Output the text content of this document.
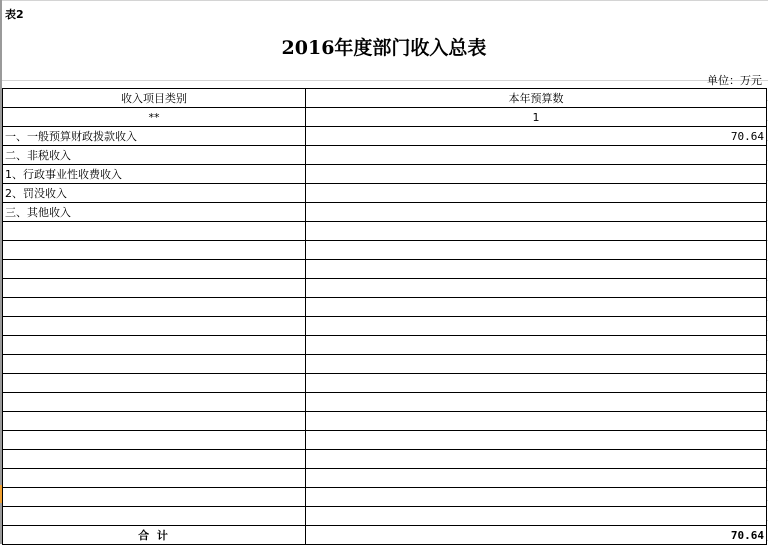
表2
2016年度部门收入总表
单位：万元
收入项目类别	本年预算数
**	1
一、一般预算财政拨款收入	70.64
二、非税收入	
1、行政事业性收费收入	
2、罚没收入	
三、其他收入	

合 计	70.64
